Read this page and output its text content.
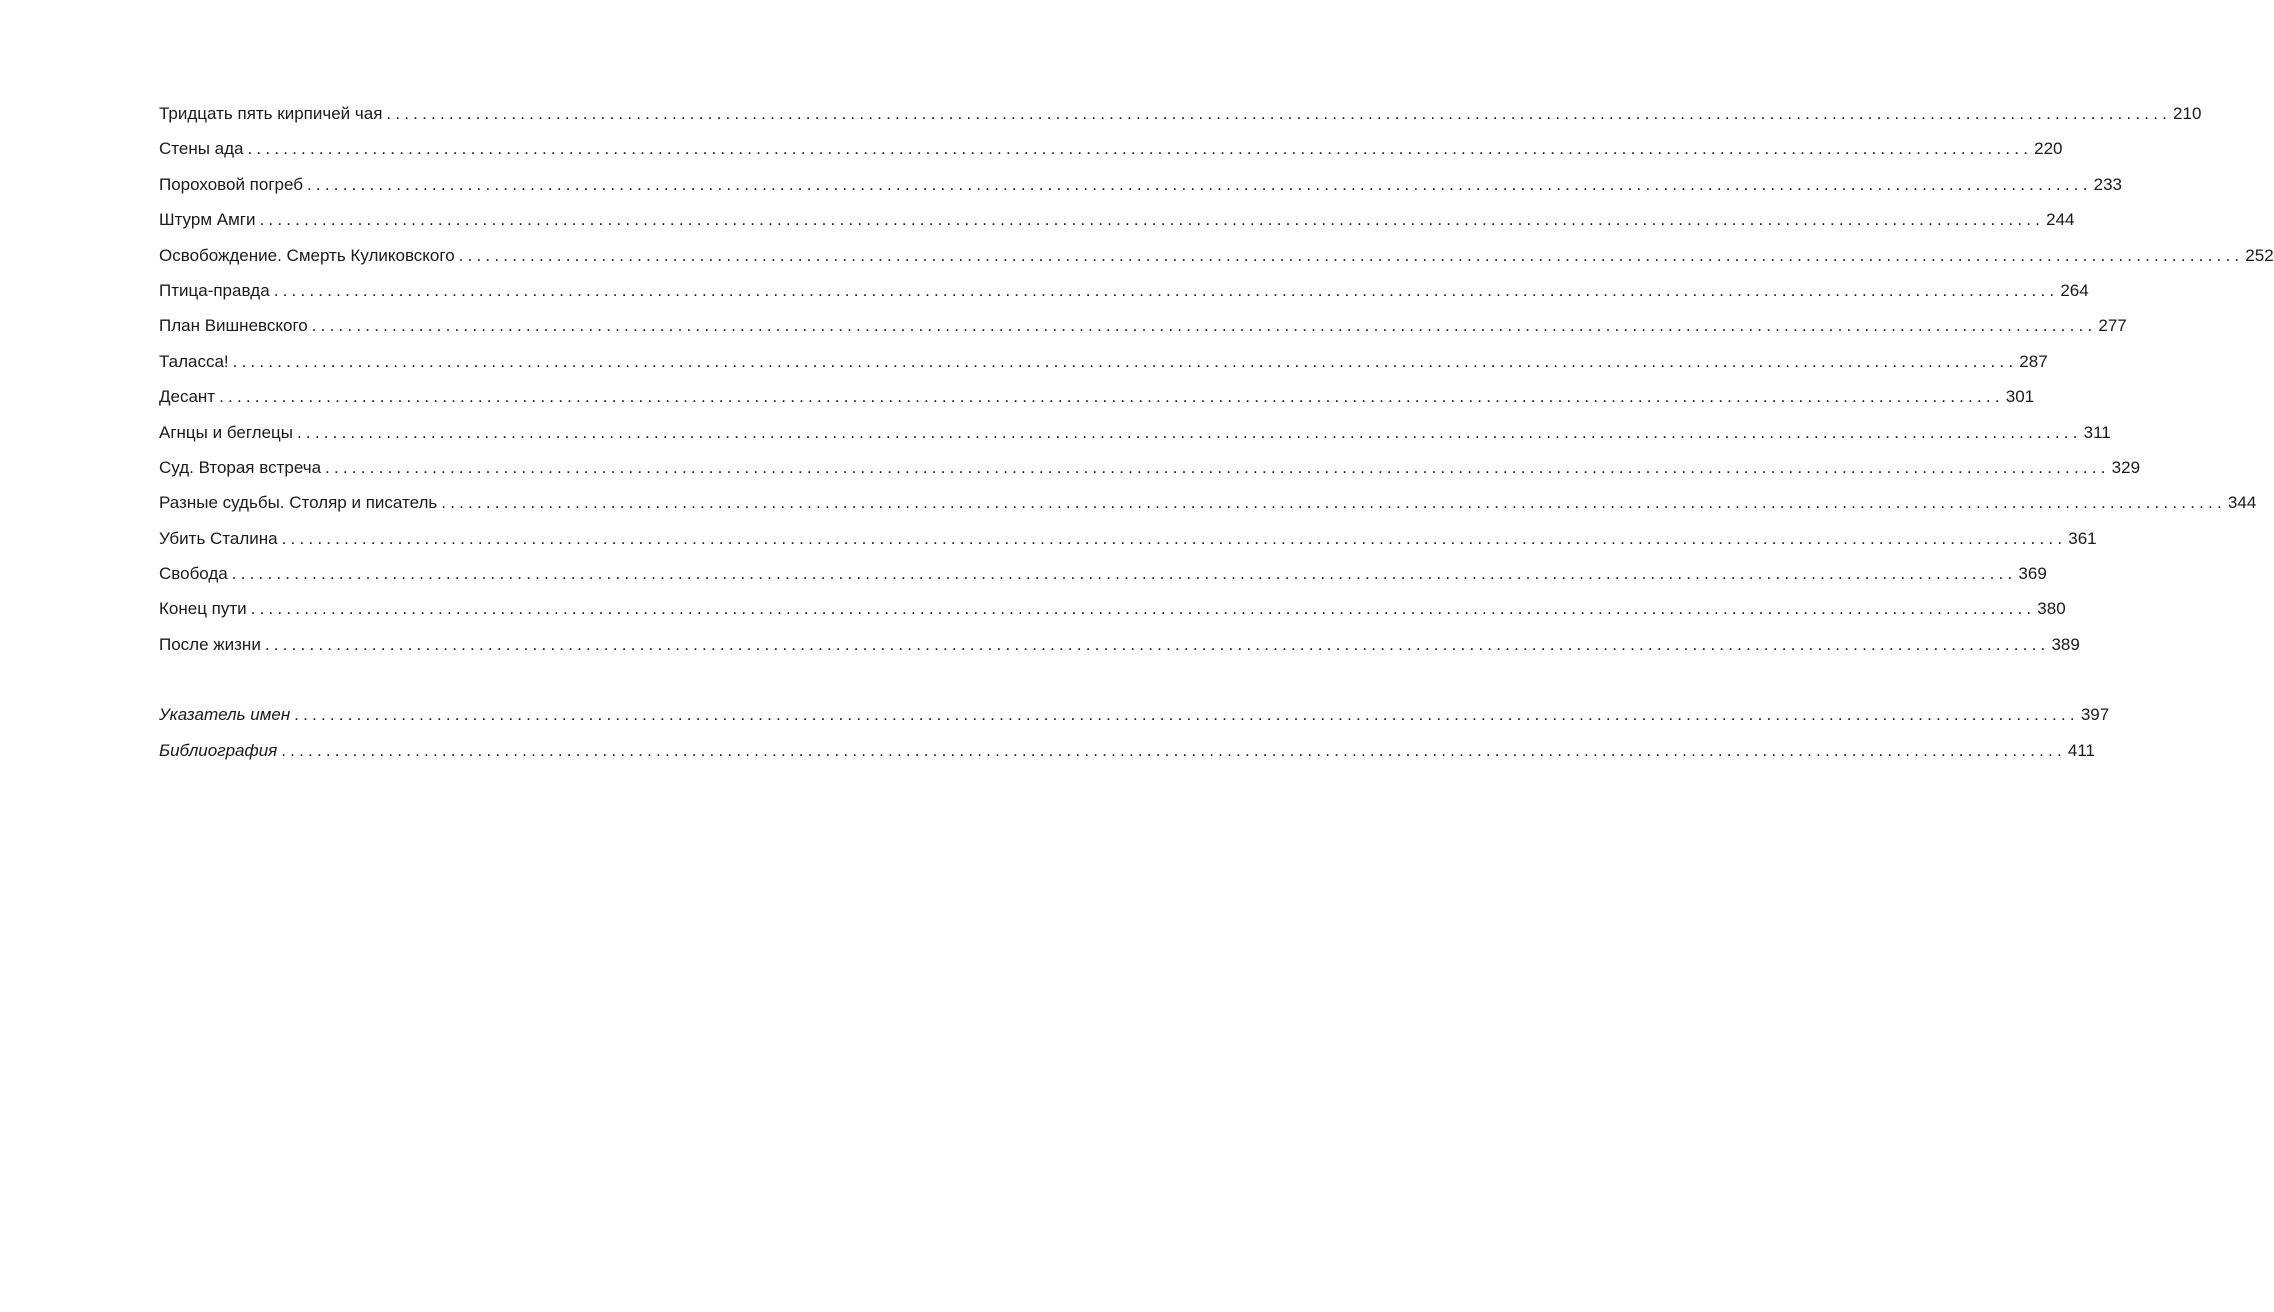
Тридцать пять кирпичей чая ........................................................................................................................................................................................................ 210
Стены ада ........................................................................................................................................................................................................ 220
Пороховой погреб ........................................................................................................................................................................................................ 233
Штурм Амги ........................................................................................................................................................................................................ 244
Освобождение. Смерть Куликовского ........................................................................................................................................................................................................ 252
Птица-правда ........................................................................................................................................................................................................ 264
План Вишневского ........................................................................................................................................................................................................ 277
Таласса! ........................................................................................................................................................................................................ 287
Десант ........................................................................................................................................................................................................ 301
Агнцы и беглецы ........................................................................................................................................................................................................ 311
Суд. Вторая встреча ........................................................................................................................................................................................................ 329
Разные судьбы. Столяр и писатель ........................................................................................................................................................................................................ 344
Убить Сталина ........................................................................................................................................................................................................ 361
Свобода ........................................................................................................................................................................................................ 369
Конец пути ........................................................................................................................................................................................................ 380
После жизни ........................................................................................................................................................................................................ 389
Указатель имен ........................................................................................................................................................................................................ 397
Библиография ........................................................................................................................................................................................................ 411
